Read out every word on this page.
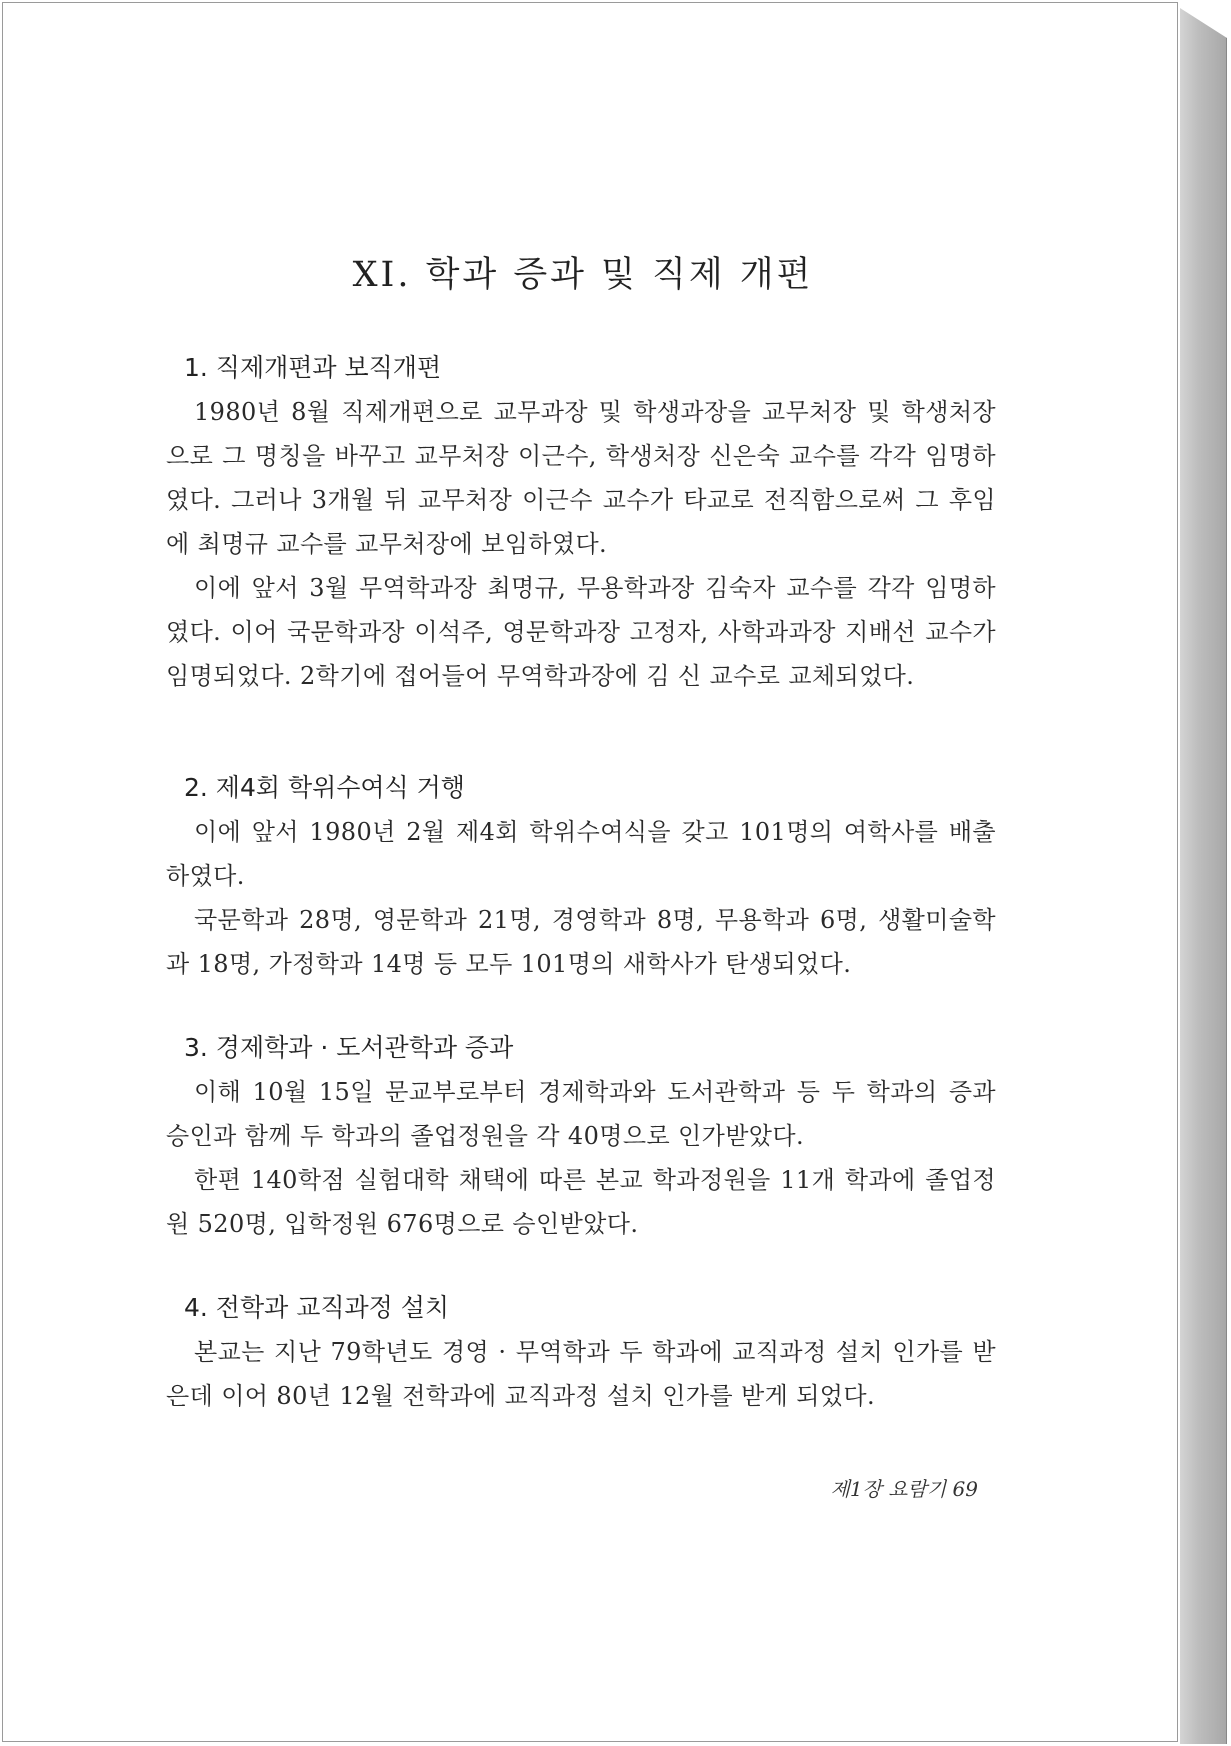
XI. 학과 증과 및 직제 개편
1. 직제개편과 보직개편

1980년 8월 직제개편으로 교무과장 및 학생과장을 교무처장 및 학생처장으로 그 명칭을 바꾸고 교무처장 이근수, 학생처장 신은숙 교수를 각각 임명하였다. 그러나 3개월 뒤 교무처장 이근수 교수가 타교로 전직함으로써 그 후임에 최명규 교수를 교무처장에 보임하였다.

이에 앞서 3월 무역학과장 최명규, 무용학과장 김숙자 교수를 각각 임명하였다. 이어 국문학과장 이석주, 영문학과장 고정자, 사학과과장 지배선 교수가 임명되었다. 2학기에 접어들어 무역학과장에 김 신 교수로 교체되었다.

2. 제4회 학위수여식 거행

이에 앞서 1980년 2월 제4회 학위수여식을 갖고 101명의 여학사를 배출하였다.

국문학과 28명, 영문학과 21명, 경영학과 8명, 무용학과 6명, 생활미술학과 18명, 가정학과 14명 등 모두 101명의 새학사가 탄생되었다.

3. 경제학과 · 도서관학과 증과

이해 10월 15일 문교부로부터 경제학과와 도서관학과 등 두 학과의 증과 승인과 함께 두 학과의 졸업정원을 각 40명으로 인가받았다.

한편 140학점 실험대학 채택에 따른 본교 학과정원을 11개 학과에 졸업정원 520명, 입학정원 676명으로 승인받았다.

4. 전학과 교직과정 설치

본교는 지난 79학년도 경영 · 무역학과 두 학과에 교직과정 설치 인가를 받은데 이어 80년 12월 전학과에 교직과정 설치 인가를 받게 되었다.

제1장 요람기 69
